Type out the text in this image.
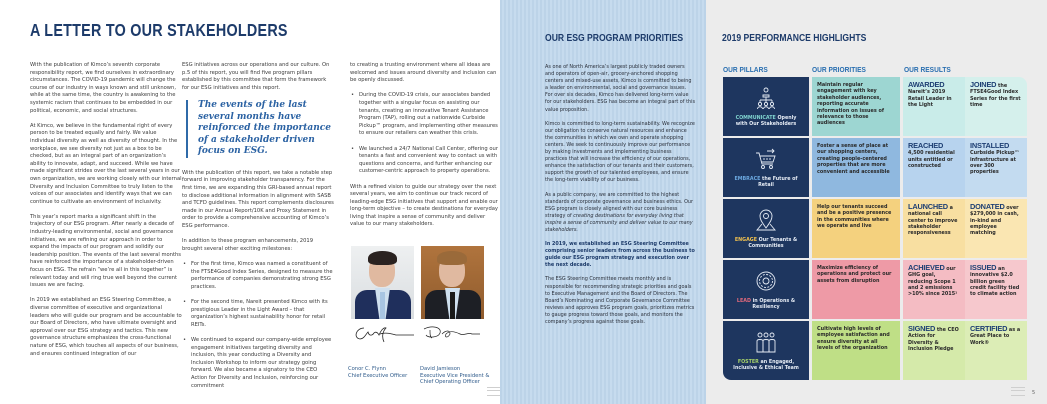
A LETTER TO OUR STAKEHOLDERS

With the publication of Kimco’s seventh corporate responsibility report, we find ourselves in extraordinary circumstances. The COVID-19 pandemic will change the course of our industry in ways known and still unknown, while at the same time, the country is awakening to the systemic racism that continues to be embedded in our political, economic, and social structures.

At Kimco, we believe in the fundamental right of every person to be treated equally and fairly. We value individual diversity as well as diversity of thought. In the workplace, we see diversity not just as a box to be checked, but as an integral part of an organization’s ability to innovate, adapt, and succeed. While we have made significant strides over the last several years in our own organization, we are working closely with our internal Diversity and Inclusion Committee to truly listen to the voices of our associates and identify ways that we can continue to cultivate an environment of inclusivity.

This year’s report marks a significant shift in the trajectory of our ESG program. After nearly a decade of industry-leading environmental, social and governance initiatives, we are refining our approach in order to expand the impacts of our program and solidify our leadership position. The events of the last several months have reinforced the importance of a stakeholder-driven focus on ESG. The refrain “we’re all in this together” is relevant today and will ring true well beyond the current issues we are facing.

In 2019 we established an ESG Steering Committee, a diverse committee of executive and organizational leaders who will guide our program and be accountable to our Board of Directors, who have ultimate oversight and approval over our ESG strategy and tactics. This new governance structure emphasizes the cross-functional nature of ESG, which touches all aspects of our business, and ensures continued integration of our

ESG initiatives across our operations and our culture. On p.5 of this report, you will find five program pillars established by this committee that form the framework for our ESG initiatives and this report.

The events of the last several months have reinforced the importance of a stakeholder driven focus on ESG.

With the publication of this report, we take a notable step forward in improving stakeholder transparency. For the first time, we are expanding this GRI-based annual report to disclose additional information in alignment with SASB and TCFD guidelines. This report complements disclosures made in our Annual Report/10K and Proxy Statement in order to provide a comprehensive accounting of Kimco’s ESG performance.

In addition to these program enhancements, 2019 brought several other exciting milestones:

• For the first time, Kimco was named a constituent of the FTSE4Good Index Series, designed to measure the performance of companies demonstrating strong ESG practices.
• For the second time, Nareit presented Kimco with its prestigious Leader in the Light Award – that organization’s highest sustainability honor for retail REITs.
• We continued to expand our company-wide employee engagement initiatives targeting diversity and inclusion, this year conducting a Diversity and Inclusion Workshop to inform our strategy going forward. We also became a signatory to the CEO Action for Diversity and Inclusion, reinforcing our commitment

to creating a trusting environment where all ideas are welcomed and issues around diversity and inclusion can be openly discussed.

• During the COVID-19 crisis, our associates banded together with a singular focus on assisting our tenants, creating an innovative Tenant Assistance Program (TAP), rolling out a nationwide Curbside Pickup™ program, and implementing other measures to ensure our retailers can weather this crisis.
• We launched a 24/7 National Call Center, offering our tenants a fast and convenient way to contact us with questions and concerns, and further enhancing our customer-centric approach to property operations.

With a refined vision to guide our strategy over the next several years, we aim to continue our track record of leading-edge ESG initiatives that support and enable our long-term objective – to create destinations for everyday living that inspire a sense of community and deliver value to our many stakeholders.

Conor C. Flynn
Chief Executive Officer
David Jamieson
Executive Vice President &
Chief Operating Officer
OUR ESG PROGRAM PRIORITIES

As one of North America’s largest publicly traded owners and operators of open-air, grocery-anchored shopping centers and mixed-use assets, Kimco is committed to being a leader on environmental, social and governance issues. For over six decades, Kimco has delivered long-term value for our stakeholders. ESG has become an integral part of this value proposition.

Kimco is committed to long-term sustainability. We recognize our obligation to conserve natural resources and enhance the communities in which we own and operate shopping centers. We seek to continuously improve our performance by making investments and implementing business practices that will increase the efficiency of our operations, enhance the satisfaction of our tenants and their customers, support the growth of our talented employees, and ensure the long-term viability of our business.

As a public company, we are committed to the highest standards of corporate governance and business ethics. Our ESG program is closely aligned with our core business strategy of creating destinations for everyday living that inspire a sense of community and deliver value to our many stakeholders.

In 2019, we established an ESG Steering Committee comprising senior leaders from across the business to guide our ESG program strategy and execution over the next decade.

The ESG Steering Committee meets monthly and is responsible for recommending strategic priorities and goals to Executive Management and the Board of Directors. The Board’s Nominating and Corporate Governance Committee reviews and approves ESG program goals, prioritizes metrics to gauge progress toward those goals, and monitors the company’s progress against those goals.

2019 PERFORMANCE HIGHLIGHTS
OUR PILLARS	OUR PRIORITIES	OUR RESULTS
COMMUNICATE Openly with Our Stakeholders
Maintain regular engagement with key stakeholder audiences, reporting accurate information on issues of relevance to those audiences
AWARDED Nareit’s 2019 Retail Leader in the Light
JOINED the FTSE4Good Index Series for the first time
EMBRACE the Future of Retail
Foster a sense of place at our shopping centers, creating people-centered properties that are more convenient and accessible
REACHED 4,500 residential units entitled or constructed
INSTALLED Curbside Pickup™ infrastructure at over 300 properties
ENGAGE Our Tenants & Communities
Help our tenants succeed and be a positive presence in the communities where we operate and live
LAUNCHED a national call center to improve stakeholder responsiveness
DONATED over $279,000 in cash, in-kind and employee matching
LEAD in Operations & Resiliency
Maximize efficiency of operations and protect our assets from disruption
ACHIEVED our GHG goal, reducing Scope 1 and 2 emissions >10% since 2015¹
ISSUED an innovative $2.0 billion green credit facility tied to climate action
FOSTER an Engaged, Inclusive & Ethical Team
Cultivate high levels of employee satisfaction and ensure diversity at all levels of the organization
SIGNED the CEO Action for Diversity & Inclusion Pledge
CERTIFIED as a Great Place to Work®
5
